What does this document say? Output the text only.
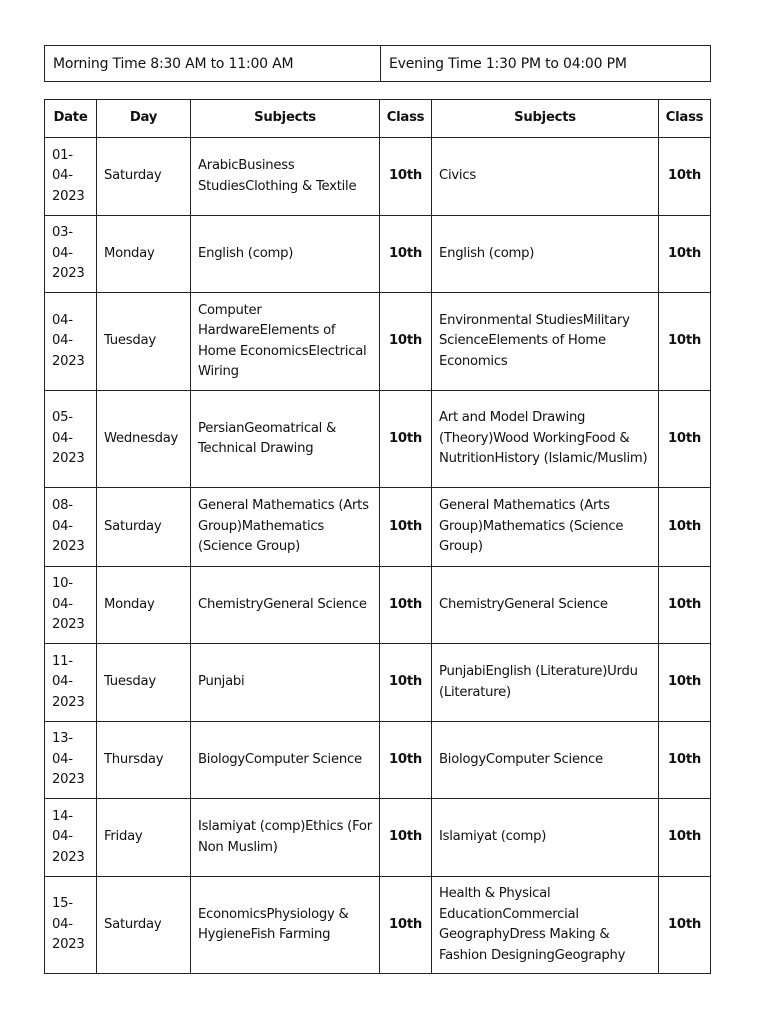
Morning Time 8:30 AM to 11:00 AM	Evening Time 1:30 PM to 04:00 PM
Date	Day	Subjects	Class	Subjects	Class
01-
04-
2023	Saturday	ArabicBusiness StudiesClothing & Textile	10th	Civics	10th
03-
04-
2023	Monday	English (comp)	10th	English (comp)	10th
04-
04-
2023	Tuesday	Computer HardwareElements of Home EconomicsElectrical Wiring	10th	Environmental StudiesMilitary ScienceElements of Home Economics	10th
05-
04-
2023	Wednesday	PersianGeomatrical & Technical Drawing	10th	Art and Model Drawing (Theory)Wood WorkingFood & NutritionHistory (Islamic/Muslim)	10th
08-
04-
2023	Saturday	General Mathematics (Arts Group)Mathematics (Science Group)	10th	General Mathematics (Arts Group)Mathematics (Science Group)	10th
10-
04-
2023	Monday	ChemistryGeneral Science	10th	ChemistryGeneral Science	10th
11-
04-
2023	Tuesday	Punjabi	10th	PunjabiEnglish (Literature)Urdu (Literature)	10th
13-
04-
2023	Thursday	BiologyComputer Science	10th	BiologyComputer Science	10th
14-
04-
2023	Friday	Islamiyat (comp)Ethics (For Non Muslim)	10th	Islamiyat (comp)	10th
15-
04-
2023	Saturday	EconomicsPhysiology & HygieneFish Farming	10th	Health & Physical EducationCommercial GeographyDress Making & Fashion DesigningGeography	10th
